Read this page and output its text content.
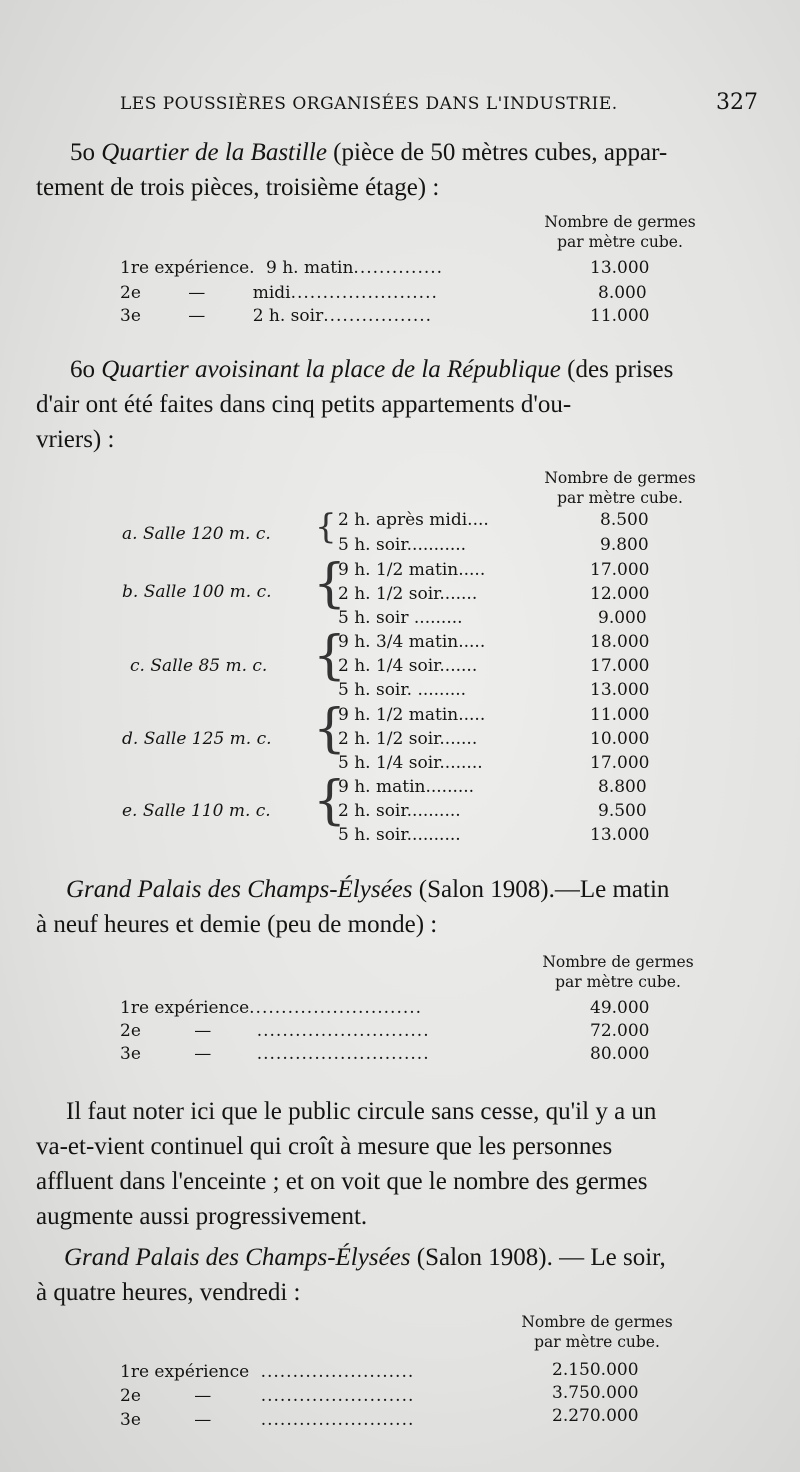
LES POUSSIÈRES ORGANISÉES DANS L'INDUSTRIE.	327

5o Quartier de la Bastille (pièce de 50 mètres cubes, appar-

tement de trois pièces, troisième étage) :

Nombre de germes
par mètre cube.
1re expérience. 9 h. matin..............	13.000
2e	—	midi.......................	8.000
3e	—	2 h. soir.................	11.000

6o Quartier avoisinant la place de la République (des prises

d'air ont été faites dans cinq petits appartements d'ou-

vriers) :

Nombre de germes
par mètre cube.
a. Salle 120 m. c. { 2 h. après midi....	8.500
5 h. soir...........	9.800
b. Salle 100 m. c. {
9 h. 1/2 matin.....	17.000
2 h. 1/2 soir.......	12.000
5 h. soir .........	9.000
c. Salle 85 m. c. {
9 h. 3/4 matin.....	18.000
2 h. 1/4 soir.......	17.000
5 h. soir. .........	13.000
d. Salle 125 m. c. {
9 h. 1/2 matin.....	11.000
2 h. 1/2 soir.......	10.000
5 h. 1/4 soir........	17.000
e. Salle 110 m. c. {
9 h. matin.........	8.800
2 h. soir..........	9.500
5 h. soir..........	13.000

Grand Palais des Champs-Élysées (Salon 1908).—Le matin

à neuf heures et demie (peu de monde) :

Nombre de germes
par mètre cube.
1re expérience...........................	49.000
2e	—	...........................	72.000
3e	—	...........................	80.000

Il faut noter ici que le public circule sans cesse, qu'il y a un

va-et-vient continuel qui croît à mesure que les personnes

affluent dans l'enceinte ; et on voit que le nombre des germes

augmente aussi progressivement.

Grand Palais des Champs-Élysées (Salon 1908). — Le soir,

à quatre heures, vendredi :

Nombre de germes
par mètre cube.
1re expérience ........................	2.150.000
2e	—	........................	3.750.000
3e	—	........................	2.270.000
